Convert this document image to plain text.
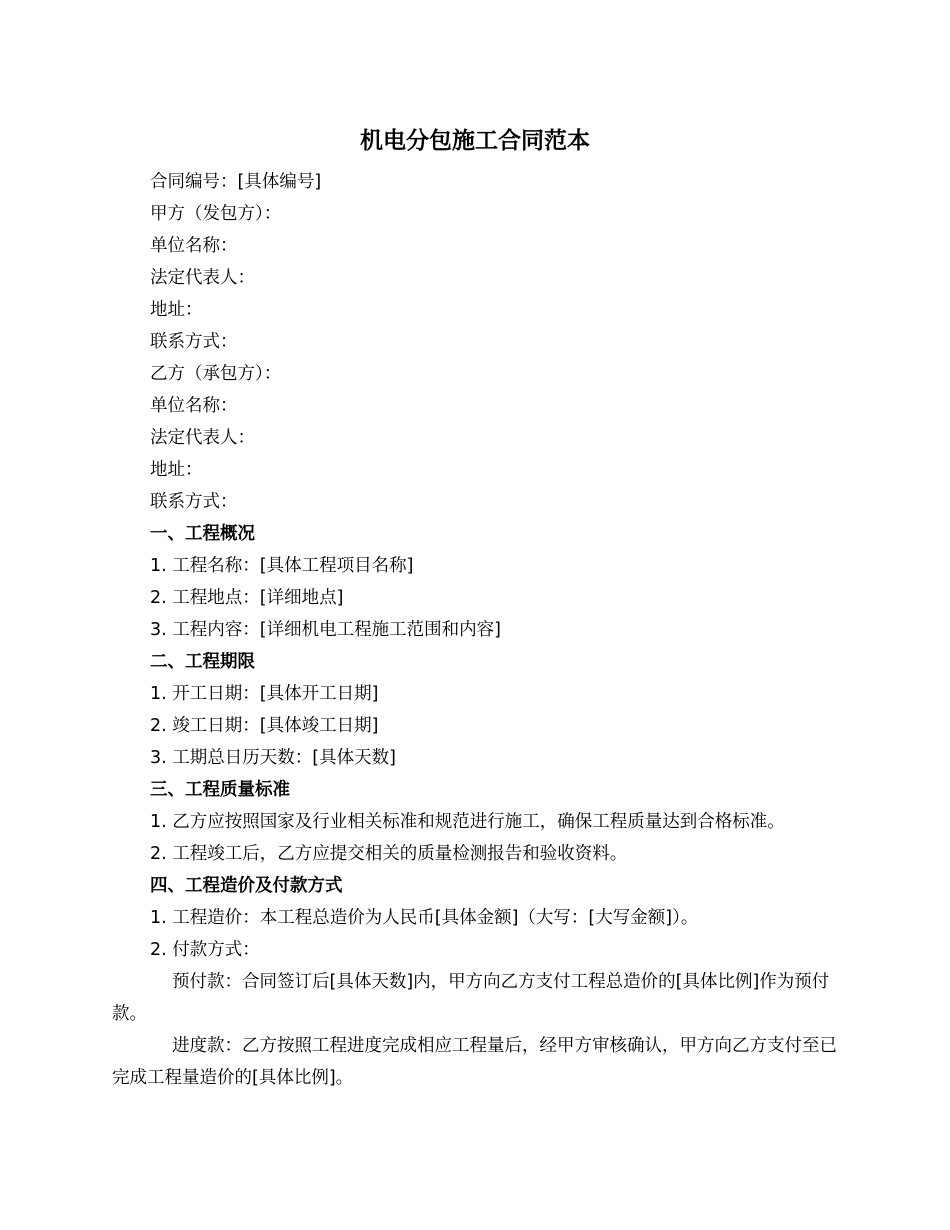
机电分包施工合同范本
合同编号：[具体编号]
甲方（发包方）：
单位名称：
法定代表人：
地址：
联系方式：
乙方（承包方）：
单位名称：
法定代表人：
地址：
联系方式：
一、工程概况
1. 工程名称：[具体工程项目名称]
2. 工程地点：[详细地点]
3. 工程内容：[详细机电工程施工范围和内容]
二、工程期限
1. 开工日期：[具体开工日期]
2. 竣工日期：[具体竣工日期]
3. 工期总日历天数：[具体天数]
三、工程质量标准
1. 乙方应按照国家及行业相关标准和规范进行施工，确保工程质量达到合格标准。
2. 工程竣工后，乙方应提交相关的质量检测报告和验收资料。
四、工程造价及付款方式
1. 工程造价：本工程总造价为人民币[具体金额]（大写：[大写金额]）。
2. 付款方式：

预付款：合同签订后[具体天数]内，甲方向乙方支付工程总造价的[具体比例]作为预付款。

进度款：乙方按照工程进度完成相应工程量后，经甲方审核确认，甲方向乙方支付至已完成工程量造价的[具体比例]。
